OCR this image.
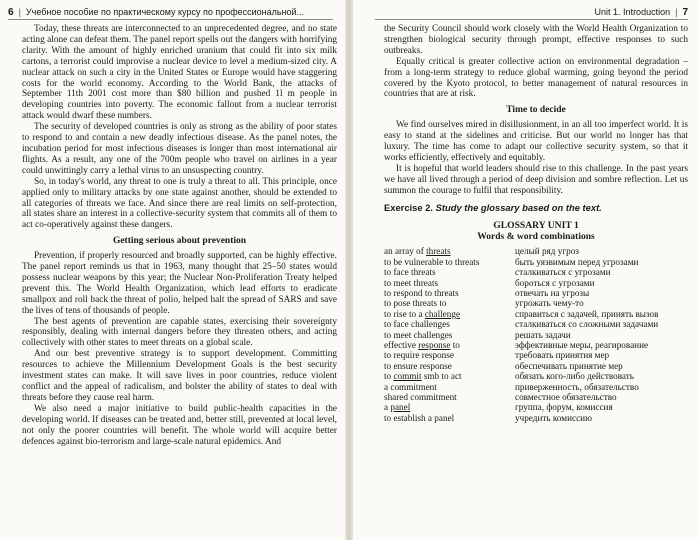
6 | Учебное пособие по практическому курсу по профессиональной...

Today, these threats are interconnected to an unprecedented degree, and no state acting alone can defeat them. The panel report spells out the dangers with horrifying clarity. With the amount of highly enriched uranium that could fit into six milk cartons, a terrorist could improvise a nuclear device to level a medium-sized city. A nuclear attack on such a city in the United States or Europe would have staggering costs for the world economy. According to the World Bank, the attacks of September 11th 2001 cost more than $80 billion and pushed 1l m people in developing countries into poverty. The economic fallout from a nuclear terrorist attack would dwarf these numbers.

The security of developed countries is only as strong as the ability of poor states to respond to and contain a new deadly infectious disease. As the panel notes, the incubation period for most infectious diseases is longer than most international air flights. As a result, any one of the 700m people who travel on airlines in a year could unwittingly carry a lethal virus to an unsuspecting country.

So, in today's world, any threat to one is truly a threat to all. This principle, once applied only to military attacks by one state against another, should be extended to all categories of threats we face. And since there are real limits on self-protection, all states share an interest in a collective-security system that commits all of them to act co-operatively against these dangers.

Getting serious about prevention

Prevention, if properly resourced and broadly supported, can be highly effective. The panel report reminds us that in 1963, many thought that 25–50 states would possess nuclear weapons by this year; the Nuclear Non-Proliferation Treaty helped prevent this. The World Health Organization, which lead efforts to eradicate smallpox and roll back the threat of polio, helped halt the spread of SARS and save the lives of tens of thousands of people.

The best agents of prevention are capable states, exercising their sovereignty responsibly, dealing with internal dangers before they threaten others, and acting collectively with other states to meet threats on a global scale.

And our best preventive strategy is to support development. Committing resources to achieve the Millennium Development Goals is the best security investment states can make. It will save lives in poor countries, reduce violent conflict and the appeal of radicalism, and bolster the ability of states to deal with threats before they cause real harm.

We also need a major initiative to build public-health capacities in the developing world. If diseases can be treated and, better still, prevented at local level, not only the poorer countries will benefit. The whole world will acquire better defences against bio-terrorism and large-scale natural epidemics. And

Unit 1. Introduction | 7

the Security Council should work closely with the World Health Organization to strengthen biological security through prompt, effective responses to such outbreaks.

Equally critical is greater collective action on environmental degradation –from a long-term strategy to reduce global warming, going beyond the period covered by the Kyoto protocol, to better management of natural resources in countries that are at risk.

Time to decide

We find ourselves mired in disillusionment, in an all too imperfect world. It is easy to stand at the sidelines and criticise. But our world no longer has that luxury. The time has come to adapt our collective security system, so that it works efficiently, effectively and equitably.

It is hopeful that world leaders should rise to this challenge. In the past years we have all lived through a period of deep division and sombre reflection. Let us summon the courage to fulfil that responsibility.

Exercise 2. Study the glossary based on the text.
GLOSSARY UNIT 1
Words & word combinations
an array of threats	целый ряд угроз
to be vulnerable to threats	быть уязвимым перед угрозами
to face threats	сталкиваться с угрозами
to meet threats	бороться с угрозами
to respond to threats	отвечать на угрозы
to pose threats to	угрожать чему-то
to rise to a challenge	справиться с задачей, принять вызов
to face challenges	сталкиваться со сложными задачами
to meet challenges	решать задачи
effective response to	эффективные меры, реагирование
to require response	требовать принятия мер
to ensure response	обеспечивать принятие мер
to commit smb to act	обязать кого-либо действовать
a commitment	приверженность, обязательство
shared commitment	совместное обязательство
a panel	группа, форум, комиссия
to establish a panel	учредить комиссию
